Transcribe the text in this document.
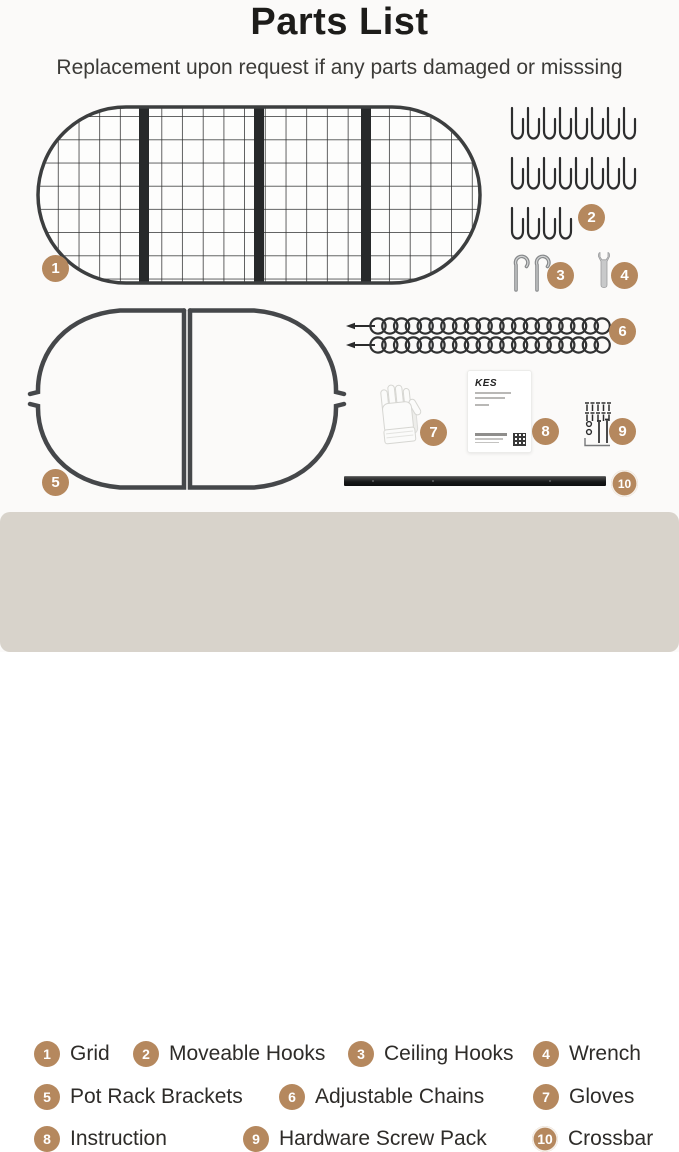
Parts List
Replacement upon request if any parts damaged or misssing
1
2
3	4
5
6
7
KES
8	9
10
1 Grid	2 Moveable Hooks	3 Ceiling Hooks	4 Wrench
5 Pot Rack Brackets	6 Adjustable Chains	7 Gloves
8 Instruction	9 Hardware Screw Pack	10 Crossbar
